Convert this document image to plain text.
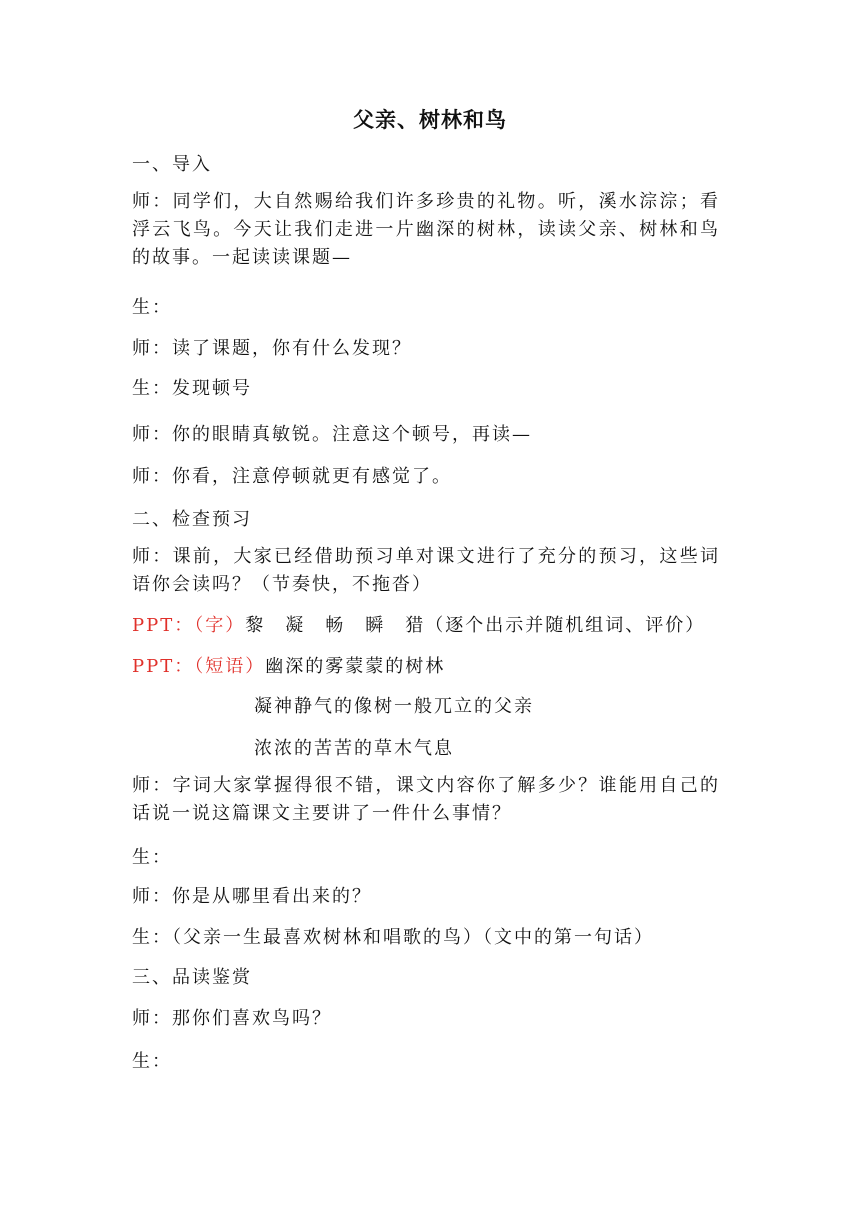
父亲、树林和鸟
一、导入
师：同学们，大自然赐给我们许多珍贵的礼物。听，溪水淙淙；看浮云飞鸟。今天让我们走进一片幽深的树林，读读父亲、树林和鸟的故事。一起读读课题—
生：
师：读了课题，你有什么发现？
生：发现顿号
师：你的眼睛真敏锐。注意这个顿号，再读—
师：你看，注意停顿就更有感觉了。
二、检查预习
师：课前，大家已经借助预习单对课文进行了充分的预习，这些词语你会读吗？（节奏快，不拖沓）
PPT：（字）黎　凝　畅　瞬　猎（逐个出示并随机组词、评价）
PPT：（短语）幽深的雾蒙蒙的树林
凝神静气的像树一般兀立的父亲
浓浓的苦苦的草木气息
师：字词大家掌握得很不错，课文内容你了解多少？谁能用自己的话说一说这篇课文主要讲了一件什么事情？
生：
师：你是从哪里看出来的？
生：（父亲一生最喜欢树林和唱歌的鸟）（文中的第一句话）
三、品读鉴赏
师：那你们喜欢鸟吗？
生：
